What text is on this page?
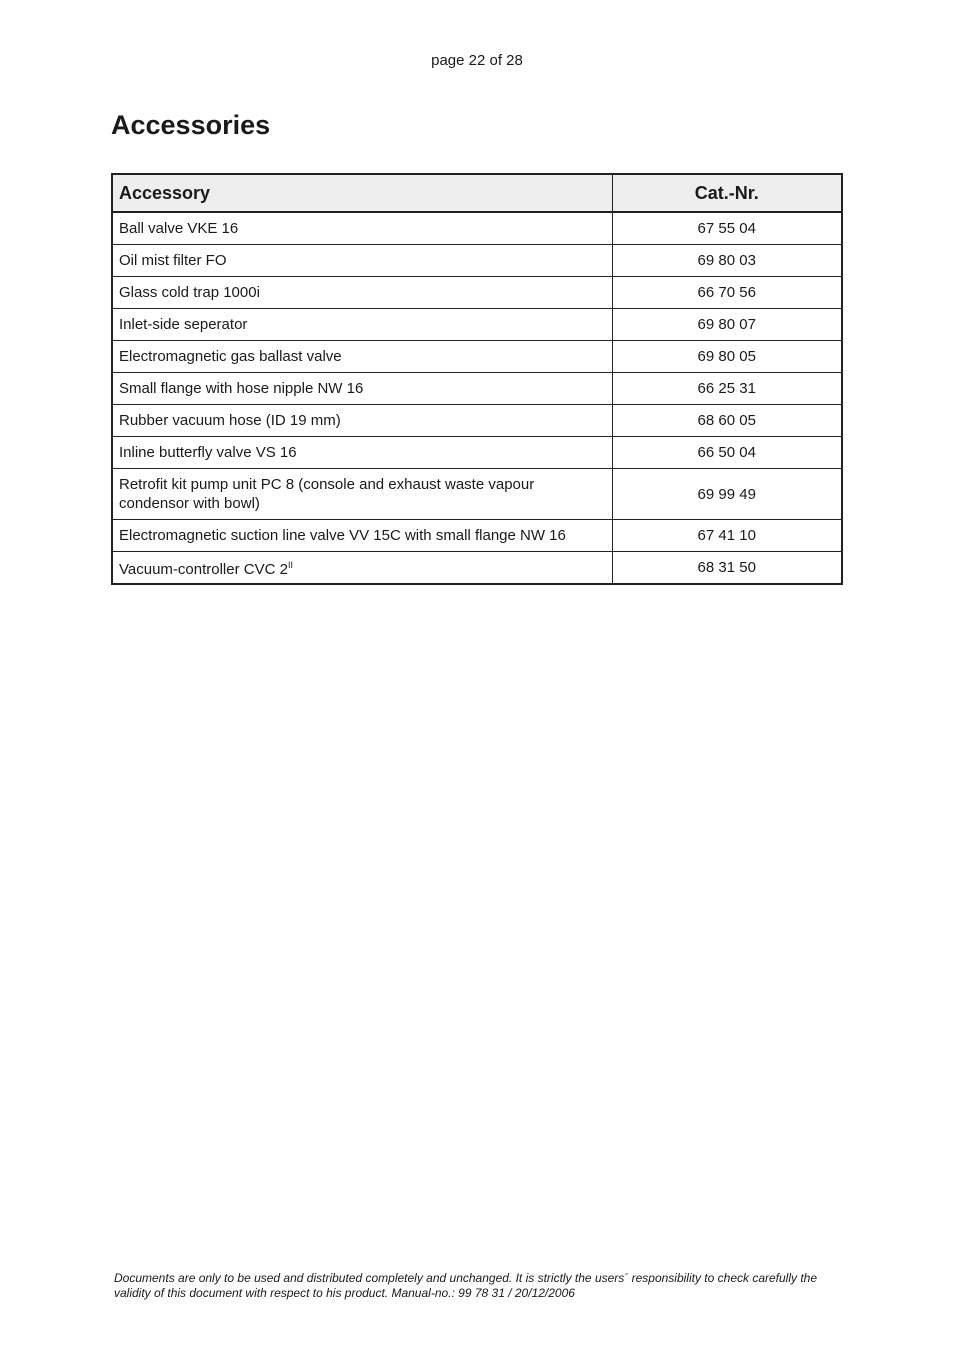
page 22 of 28
Accessories
Accessory	Cat.-Nr.
Ball valve VKE 16	67 55 04
Oil mist filter FO	69 80 03
Glass cold trap 1000i	66 70 56
Inlet-side seperator	69 80 07
Electromagnetic gas ballast valve	69 80 05
Small flange with hose nipple NW 16	66 25 31
Rubber vacuum hose (ID 19 mm)	68 60 05
Inline butterfly valve VS 16	66 50 04
Retrofit kit pump unit PC 8 (console and exhaust waste vapour condensor with bowl)	69 99 49
Electromagnetic suction line valve VV 15C with small flange NW 16	67 41 10
Vacuum-controller CVC $2^{II}$	68 31 50
Documents are only to be used and distributed completely and unchanged. It is strictly the users´ responsibility to check carefully the validity of this document with respect to his product. Manual-no.: 99 78 31 / 20/12/2006
